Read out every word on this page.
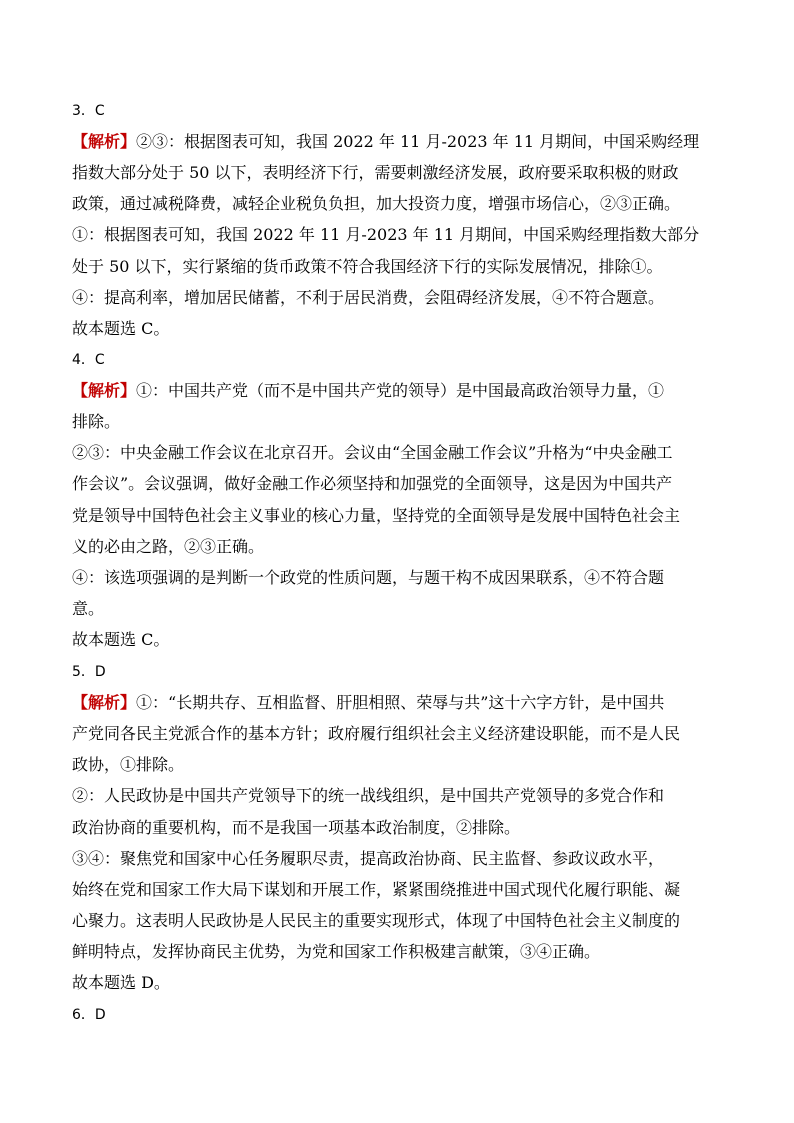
3．C
【解析】②③：根据图表可知，我国 2022 年 11 月-2023 年 11 月期间，中国采购经理
指数大部分处于 50 以下，表明经济下行，需要刺激经济发展，政府要采取积极的财政
政策，通过减税降费，减轻企业税负负担，加大投资力度，增强市场信心，②③正确。
①：根据图表可知，我国 2022 年 11 月-2023 年 11 月期间，中国采购经理指数大部分
处于 50 以下，实行紧缩的货币政策不符合我国经济下行的实际发展情况，排除①。
④：提高利率，增加居民储蓄，不利于居民消费，会阻碍经济发展，④不符合题意。
故本题选 C。
4．C
【解析】①：中国共产党（而不是中国共产党的领导）是中国最高政治领导力量，①
排除。
②③：中央金融工作会议在北京召开。会议由“全国金融工作会议”升格为“中央金融工
作会议”。会议强调，做好金融工作必须坚持和加强党的全面领导，这是因为中国共产
党是领导中国特色社会主义事业的核心力量，坚持党的全面领导是发展中国特色社会主
义的必由之路，②③正确。
④：该选项强调的是判断一个政党的性质问题，与题干构不成因果联系，④不符合题
意。
故本题选 C。
5．D
【解析】①：“长期共存、互相监督、肝胆相照、荣辱与共”这十六字方针，是中国共
产党同各民主党派合作的基本方针；政府履行组织社会主义经济建设职能，而不是人民
政协，①排除。
②：人民政协是中国共产党领导下的统一战线组织，是中国共产党领导的多党合作和
政治协商的重要机构，而不是我国一项基本政治制度，②排除。
③④：聚焦党和国家中心任务履职尽责，提高政治协商、民主监督、参政议政水平，
始终在党和国家工作大局下谋划和开展工作，紧紧围绕推进中国式现代化履行职能、凝
心聚力。这表明人民政协是人民民主的重要实现形式，体现了中国特色社会主义制度的
鲜明特点，发挥协商民主优势，为党和国家工作积极建言献策，③④正确。
故本题选 D。
6．D
